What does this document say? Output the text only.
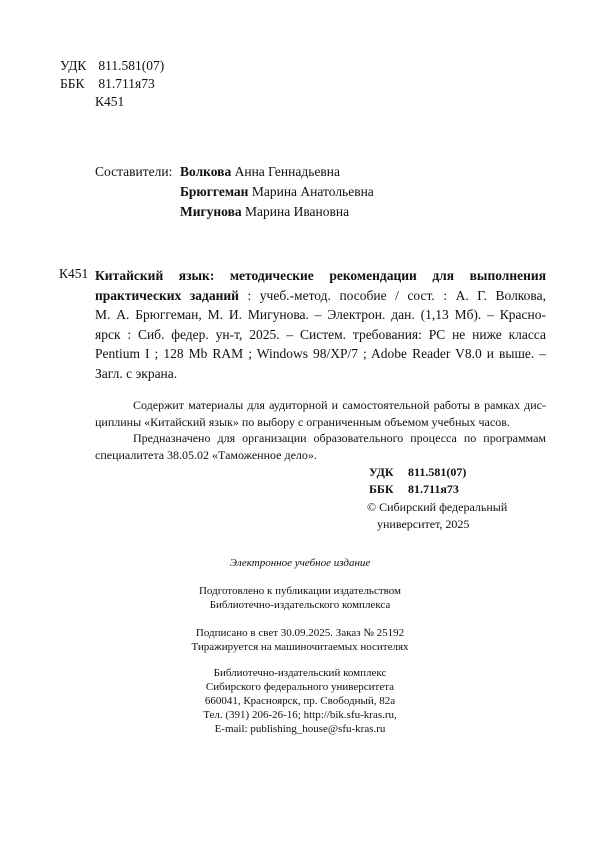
УДК 811.581(07)
ББК 81.711я73
К451
Составители: Волкова Анна Геннадьевна
Брюггеман Марина Анатольевна
Мигунова Марина Ивановна
К451 Китайский язык: методические рекомендации для выполнения
практических заданий : учеб.-метод. пособие / сост. : А. Г. Волкова,
М. А. Брюггеман, М. И. Мигунова. – Электрон. дан. (1,13 Мб). – Красно-
ярск : Сиб. федер. ун-т, 2025. – Систем. требования: PC не ниже класса
Pentium I ; 128 Mb RAM ; Windows 98/XP/7 ; Adobe Reader V8.0 и выше. –
Загл. с экрана.
Содержит материалы для аудиторной и самостоятельной работы в рамках дис-
циплины «Китайский язык» по выбору с ограниченным объемом учебных часов.
Предназначено для организации образовательного процесса по программам
специалитета 38.05.02 «Таможенное дело».
УДК 811.581(07)
ББК 81.711я73
© Сибирский федеральный
университет, 2025
Электронное учебное издание
Подготовлено к публикации издательством
Библиотечно-издательского комплекса
Подписано в свет 30.09.2025. Заказ № 25192
Тиражируется на машиночитаемых носителях
Библиотечно-издательский комплекс
Сибирского федерального университета
660041, Красноярск, пр. Свободный, 82а
Тел. (391) 206-26-16; http://bik.sfu-kras.ru,
E-mail: publishing_house@sfu-kras.ru
